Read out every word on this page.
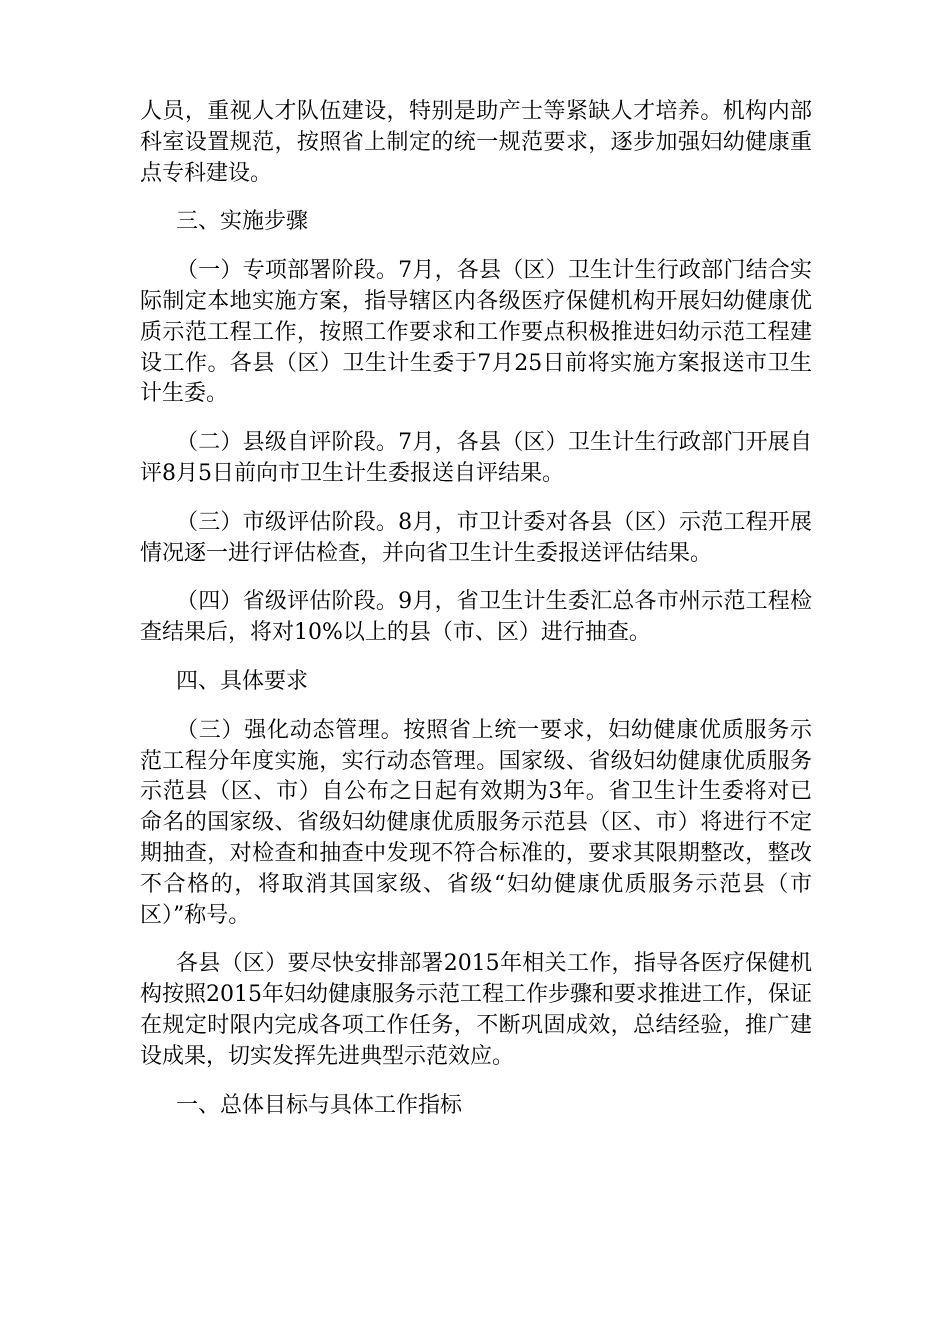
人员，重视人才队伍建设，特别是助产士等紧缺人才培养。机构内部科室设置规范，按照省上制定的统一规范要求，逐步加强妇幼健康重点专科建设。

三、实施步骤

（一）专项部署阶段。7月，各县（区）卫生计生行政部门结合实际制定本地实施方案，指导辖区内各级医疗保健机构开展妇幼健康优质示范工程工作，按照工作要求和工作要点积极推进妇幼示范工程建设工作。各县（区）卫生计生委于7月25日前将实施方案报送市卫生计生委。

（二）县级自评阶段。7月，各县（区）卫生计生行政部门开展自评8月5日前向市卫生计生委报送自评结果。

（三）市级评估阶段。8月，市卫计委对各县（区）示范工程开展情况逐一进行评估检查，并向省卫生计生委报送评估结果。

（四）省级评估阶段。9月，省卫生计生委汇总各市州示范工程检查结果后，将对10%以上的县（市、区）进行抽查。

四、具体要求

（三）强化动态管理。按照省上统一要求，妇幼健康优质服务示范工程分年度实施，实行动态管理。国家级、省级妇幼健康优质服务示范县（区、市）自公布之日起有效期为3年。省卫生计生委将对已命名的国家级、省级妇幼健康优质服务示范县（区、市）将进行不定期抽查，对检查和抽查中发现不符合标准的，要求其限期整改，整改不合格的，将取消其国家级、省级“妇幼健康优质服务示范县（市区）”称号。

各县（区）要尽快安排部署2015年相关工作，指导各医疗保健机构按照2015年妇幼健康服务示范工程工作步骤和要求推进工作，保证在规定时限内完成各项工作任务，不断巩固成效，总结经验，推广建设成果，切实发挥先进典型示范效应。

一、总体目标与具体工作指标
